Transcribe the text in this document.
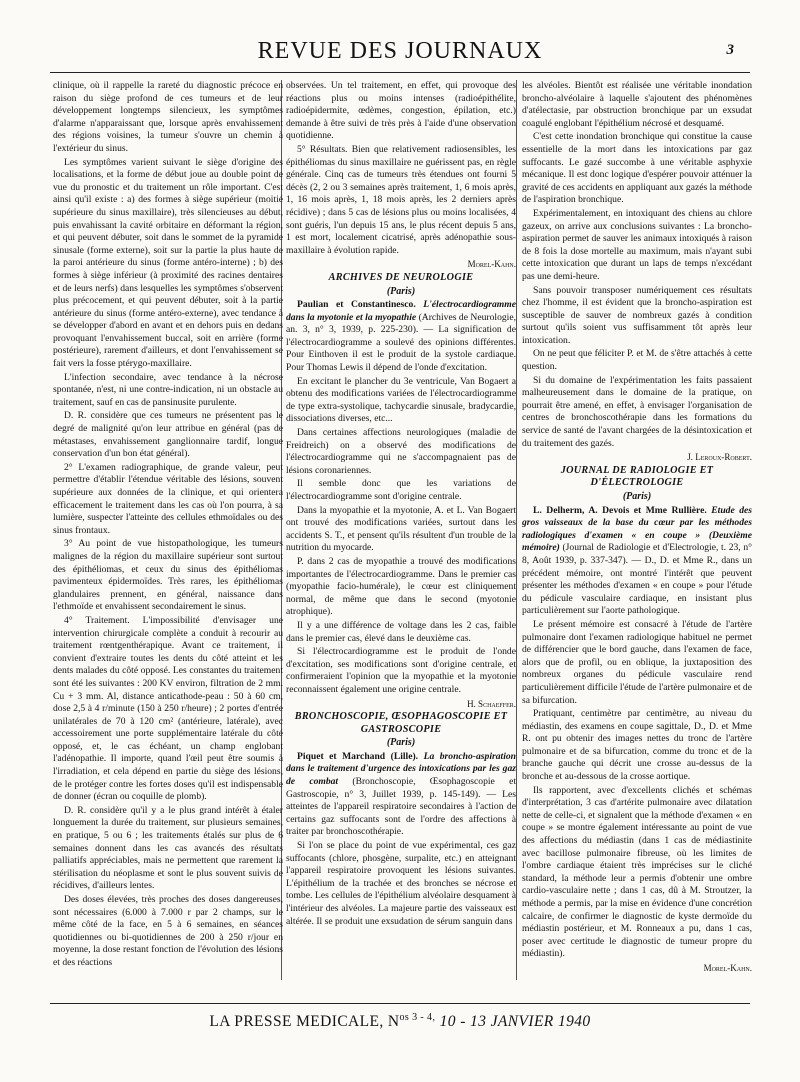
REVUE DES JOURNAUX	3

clinique, où il rappelle la rareté du diagnostic précoce en raison du siège profond de ces tumeurs et de leur développement longtemps silencieux, les symptômes d'alarme n'apparaissant que, lorsque après envahissement des régions voisines, la tumeur s'ouvre un chemin à l'extérieur du sinus.

Les symptômes varient suivant le siège d'origine des localisations, et la forme de début joue au double point de vue du pronostic et du traitement un rôle important. C'est ainsi qu'il existe : a) des formes à siège supérieur (moitié supérieure du sinus maxillaire), très silencieuses au début, puis envahissant la cavité orbitaire en déformant la région, et qui peuvent débuter, soit dans le sommet de la pyramide sinusale (forme externe), soit sur la partie la plus haute de la paroi antérieure du sinus (forme antéro-interne) ; b) des formes à siège inférieur (à proximité des racines dentaires et de leurs nerfs) dans lesquelles les symptômes s'observent plus précocement, et qui peuvent débuter, soit à la partie antérieure du sinus (forme antéro-externe), avec tendance à se développer d'abord en avant et en dehors puis en dedans provoquant l'envahissement buccal, soit en arrière (forme postérieure), rarement d'ailleurs, et dont l'envahissement se fait vers la fosse ptérygo-maxillaire.

L'infection secondaire, avec tendance à la nécrose spontanée, n'est, ni une contre-indication, ni un obstacle au traitement, sauf en cas de pansinusite purulente.

D. R. considère que ces tumeurs ne présentent pas le degré de malignité qu'on leur attribue en général (pas de métastases, envahissement ganglionnaire tardif, longue conservation d'un bon état général).

2° L'examen radiographique, de grande valeur, peut permettre d'établir l'étendue véritable des lésions, souvent supérieure aux données de la clinique, et qui orientera efficacement le traitement dans les cas où l'on pourra, à sa lumière, suspecter l'atteinte des cellules ethmoïdales ou des sinus frontaux.

3° Au point de vue histopathologique, les tumeurs malignes de la région du maxillaire supérieur sont surtout des épithéliomas, et ceux du sinus des épithéliomas pavimenteux épidermoïdes. Très rares, les épithéliomas glandulaires prennent, en général, naissance dans l'ethmoïde et envahissent secondairement le sinus.

4° Traitement. L'impossibilité d'envisager une intervention chirurgicale complète a conduit à recourir au traitement rœntgenthérapique. Avant ce traitement, il convient d'extraire toutes les dents du côté atteint et les dents malades du côté opposé. Les constantes du traitement sont été les suivantes : 200 KV environ, filtration de 2 mm. Cu + 3 mm. Al, distance anticathode-peau : 50 à 60 cm, dose 2,5 à 4 r/minute (150 à 250 r/heure) ; 2 portes d'entrée unilatérales de 70 à 120 cm² (antérieure, latérale), avec accessoirement une porte supplémentaire latérale du côté opposé, et, le cas échéant, un champ englobant l'adénopathie. Il importe, quand l'œil peut être soumis à l'irradiation, et cela dépend en partie du siège des lésions, de le protéger contre les fortes doses qu'il est indispensable de donner (écran ou coquille de plomb).

D. R. considère qu'il y a le plus grand intérêt à étaler longuement la durée du traitement, sur plusieurs semaines, en pratique, 5 ou 6 ; les traitements étalés sur plus de 6 semaines donnent dans les cas avancés des résultats palliatifs appréciables, mais ne permettent que rarement la stérilisation du néoplasme et sont le plus souvent suivis de récidives, d'ailleurs lentes.

Des doses élevées, très proches des doses dangereuses, sont nécessaires (6.000 à 7.000 r par 2 champs, sur le même côté de la face, en 5 à 6 semaines, en séances quotidiennes ou bi-quotidiennes de 200 à 250 r/jour en moyenne, la dose restant fonction de l'évolution des lésions et des réactions

observées. Un tel traitement, en effet, qui provoque des réactions plus ou moins intenses (radioépithélite, radioépidermite, œdèmes, congestion, épilation, etc.) demande à être suivi de très près à l'aide d'une observation quotidienne.

5° Résultats. Bien que relativement radiosensibles, les épithéliomas du sinus maxillaire ne guérissent pas, en règle générale. Cinq cas de tumeurs très étendues ont fourni 5 décès (2, 2 ou 3 semaines après traitement, 1, 6 mois après, 1, 16 mois après, 1, 18 mois après, les 2 derniers après récidive) ; dans 5 cas de lésions plus ou moins localisées, 4 sont guéris, l'un depuis 15 ans, le plus récent depuis 5 ans, 1 est mort, localement cicatrisé, après adénopathie sous-maxillaire à évolution rapide.

Morel-Kahn.

ARCHIVES DE NEUROLOGIE

(Paris)

Paulian et Constantinesco. L'électrocardiogramme dans la myotonie et la myopathie (Archives de Neurologie, an. 3, n° 3, 1939, p. 225-230). — La signification de l'électrocardiogramme a soulevé des opinions différentes. Pour Einthoven il est le produit de la systole cardiaque. Pour Thomas Lewis il dépend de l'onde d'excitation.

En excitant le plancher du 3e ventricule, Van Bogaert a obtenu des modifications variées de l'électrocardiogramme de type extra-systolique, tachycardie sinusale, bradycardie, dissociations diverses, etc...

Dans certaines affections neurologiques (maladie de Freidreich) on a observé des modifications de l'électrocardiogramme qui ne s'accompagnaient pas de lésions coronariennes.

Il semble donc que les variations de l'électrocardiogramme sont d'origine centrale.

Dans la myopathie et la myotonie, A. et L. Van Bogaert ont trouvé des modifications variées, surtout dans les accidents S. T., et pensent qu'ils résultent d'un trouble de la nutrition du myocarde.

P. dans 2 cas de myopathie a trouvé des modifications importantes de l'électrocardiogramme. Dans le premier cas (myopathie facio-humérale), le cœur est cliniquement normal, de même que dans le second (myotonie atrophique).

Il y a une différence de voltage dans les 2 cas, faible dans le premier cas, élevé dans le deuxième cas.

Si l'électrocardiogramme est le produit de l'onde d'excitation, ses modifications sont d'origine centrale, et confirmeraient l'opinion que la myopathie et la myotonie reconnaissent également une origine centrale.

H. Schaeffer.

BRONCHOSCOPIE, ŒSOPHAGOSCOPIE ET GASTROSCOPIE

(Paris)

Piquet et Marchand (Lille). La broncho-aspiration dans le traitement d'urgence des intoxications par les gaz de combat (Bronchoscopie, Œsophagoscopie et Gastroscopie, n° 3, Juillet 1939, p. 145-149). — Les atteintes de l'appareil respiratoire secondaires à l'action de certains gaz suffocants sont de l'ordre des affections à traiter par bronchoscothérapie.

Si l'on se place du point de vue expérimental, ces gaz suffocants (chlore, phosgène, surpalite, etc.) en atteignant l'appareil respiratoire provoquent les lésions suivantes. L'épithélium de la trachée et des bronches se nécrose et tombe. Les cellules de l'épithélium alvéolaire desquament à l'intérieur des alvéoles. La majeure partie des vaisseaux est altérée. Il se produit une exsudation de sérum sanguin dans

les alvéoles. Bientôt est réalisée une véritable inondation broncho-alvéolaire à laquelle s'ajoutent des phénomènes d'atélectasie, par obstruction bronchique par un exsudat coagulé englobant l'épithélium nécrosé et desquamé.

C'est cette inondation bronchique qui constitue la cause essentielle de la mort dans les intoxications par gaz suffocants. Le gazé succombe à une véritable asphyxie mécanique. Il est donc logique d'espérer pouvoir atténuer la gravité de ces accidents en appliquant aux gazés la méthode de l'aspiration bronchique.

Expérimentalement, en intoxiquant des chiens au chlore gazeux, on arrive aux conclusions suivantes : La broncho-aspiration permet de sauver les animaux intoxiqués à raison de 8 fois la dose mortelle au maximum, mais n'ayant subi cette intoxication que durant un laps de temps n'excédant pas une demi-heure.

Sans pouvoir transposer numériquement ces résultats chez l'homme, il est évident que la broncho-aspiration est susceptible de sauver de nombreux gazés à condition surtout qu'ils soient vus suffisamment tôt après leur intoxication.

On ne peut que féliciter P. et M. de s'être attachés à cette question.

Si du domaine de l'expérimentation les faits passaient malheureusement dans le domaine de la pratique, on pourrait être amené, en effet, à envisager l'organisation de centres de bronchoscothérapie dans les formations du service de santé de l'avant chargées de la désintoxication et du traitement des gazés.

J. Leroux-Robert.

JOURNAL DE RADIOLOGIE ET D'ÉLECTROLOGIE

(Paris)

L. Delherm, A. Devois et Mme Rullière. Etude des gros vaisseaux de la base du cœur par les méthodes radiologiques d'examen « en coupe » (Deuxième mémoire) (Journal de Radiologie et d'Electrologie, t. 23, n° 8, Août 1939, p. 337-347). — D., D. et Mme R., dans un précédent mémoire, ont montré l'intérêt que peuvent présenter les méthodes d'examen « en coupe » pour l'étude du pédicule vasculaire cardiaque, en insistant plus particulièrement sur l'aorte pathologique.

Le présent mémoire est consacré à l'étude de l'artère pulmonaire dont l'examen radiologique habituel ne permet de différencier que le bord gauche, dans l'examen de face, alors que de profil, ou en oblique, la juxtaposition des nombreux organes du pédicule vasculaire rend particulièrement difficile l'étude de l'artère pulmonaire et de sa bifurcation.

Pratiquant, centimètre par centimètre, au niveau du médiastin, des examens en coupe sagittale, D., D. et Mme R. ont pu obtenir des images nettes du tronc de l'artère pulmonaire et de sa bifurcation, comme du tronc et de la branche gauche qui décrit une crosse au-dessus de la bronche et au-dessous de la crosse aortique.

Ils rapportent, avec d'excellents clichés et schémas d'interprétation, 3 cas d'artérite pulmonaire avec dilatation nette de celle-ci, et signalent que la méthode d'examen « en coupe » se montre également intéressante au point de vue des affections du médiastin (dans 1 cas de médiastinite avec bacillose pulmonaire fibreuse, où les limites de l'ombre cardiaque étaient très imprécises sur le cliché standard, la méthode leur a permis d'obtenir une ombre cardio-vasculaire nette ; dans 1 cas, dû à M. Stroutzer, la méthode a permis, par la mise en évidence d'une concrétion calcaire, de confirmer le diagnostic de kyste dermoïde du médiastin postérieur, et M. Ronneaux a pu, dans 1 cas, poser avec certitude le diagnostic de tumeur propre du médiastin).

Morel-Kahn.

LA PRESSE MEDICALE, $N^{os 3 - 4,}$ 10 - 13 JANVIER 1940
